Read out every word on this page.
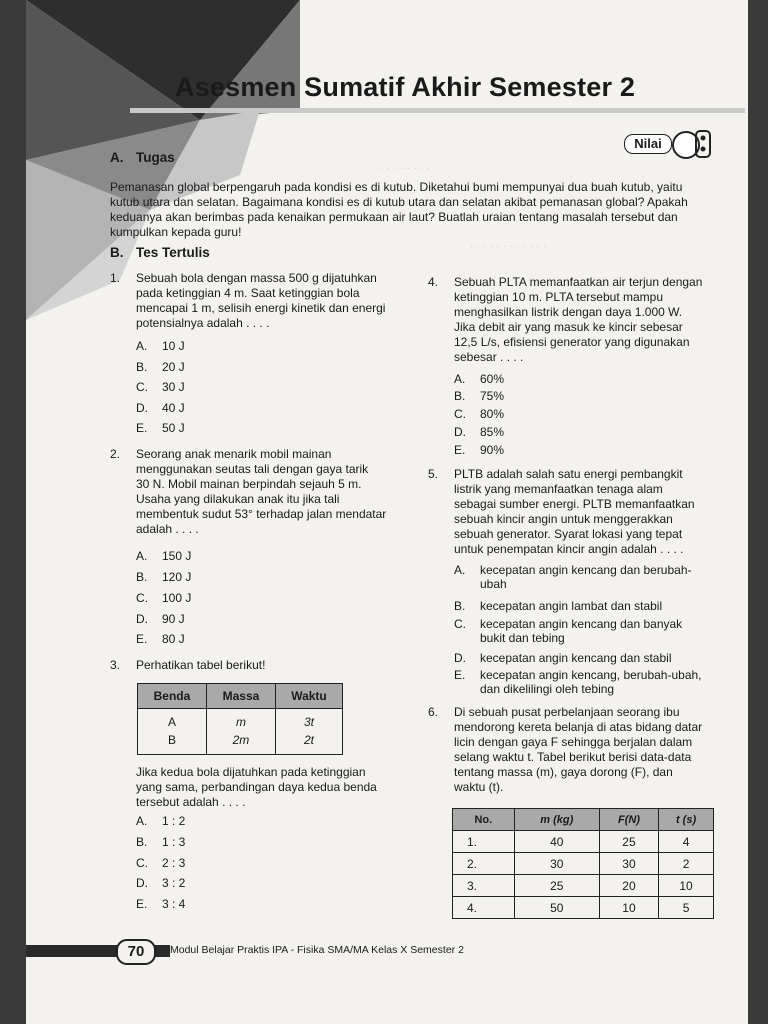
Asesmen Sumatif Akhir Semester 2
Nilai
. . . . . . . .
. . . . . . . . . . . .
A. Tugas
Pemanasan global berpengaruh pada kondisi es di kutub. Diketahui bumi mempunyai dua buah kutub, yaitu
kutub utara dan selatan. Bagaimana kondisi es di kutub utara dan selatan akibat pemanasan global? Apakah
keduanya akan berimbas pada kenaikan permukaan air laut? Buatlah uraian tentang masalah tersebut dan
kumpulkan kepada guru!
B. Tes Tertulis
1. Sebuah bola dengan massa 500 g dijatuhkan
pada ketinggian 4 m. Saat ketinggian bola
mencapai 1 m, selisih energi kinetik dan energi
potensialnya adalah . . . .
A. 10 J
B. 20 J
C. 30 J
D. 40 J
E. 50 J
2. Seorang anak menarik mobil mainan
menggunakan seutas tali dengan gaya tarik
30 N. Mobil mainan berpindah sejauh 5 m.
Usaha yang dilakukan anak itu jika tali
membentuk sudut 53° terhadap jalan mendatar
adalah . . . .
A. 150 J
B. 120 J
C. 100 J
D. 90 J
E. 80 J
3. Perhatikan tabel berikut!
Benda	Massa	Waktu
A	m	3t
B	2m	2t
Jika kedua bola dijatuhkan pada ketinggian
yang sama, perbandingan daya kedua benda
tersebut adalah . . . .
A. 1 : 2
B. 1 : 3
C. 2 : 3
D. 3 : 2
E. 3 : 4
4. Sebuah PLTA memanfaatkan air terjun dengan
ketinggian 10 m. PLTA tersebut mampu
menghasilkan listrik dengan daya 1.000 W.
Jika debit air yang masuk ke kincir sebesar
12,5 L/s, efisiensi generator yang digunakan
sebesar . . . .
A. 60%
B. 75%
C. 80%
D. 85%
E. 90%
5. PLTB adalah salah satu energi pembangkit
listrik yang memanfaatkan tenaga alam
sebagai sumber energi. PLTB memanfaatkan
sebuah kincir angin untuk menggerakkan
sebuah generator. Syarat lokasi yang tepat
untuk penempatan kincir angin adalah . . . .
A. kecepatan angin kencang dan berubah-
ubah
B. kecepatan angin lambat dan stabil
C. kecepatan angin kencang dan banyak
bukit dan tebing
D. kecepatan angin kencang dan stabil
E. kecepatan angin kencang, berubah-ubah,
dan dikelilingi oleh tebing
6. Di sebuah pusat perbelanjaan seorang ibu
mendorong kereta belanja di atas bidang datar
licin dengan gaya F sehingga berjalan dalam
selang waktu t. Tabel berikut berisi data-data
tentang massa (m), gaya dorong (F), dan
waktu (t).
No.	m (kg)	F(N)	t (s)
1.	40	25	4
2.	30	30	2
3.	25	20	10
4.	50	10	5
70	Modul Belajar Praktis IPA - Fisika SMA/MA Kelas X Semester 2
